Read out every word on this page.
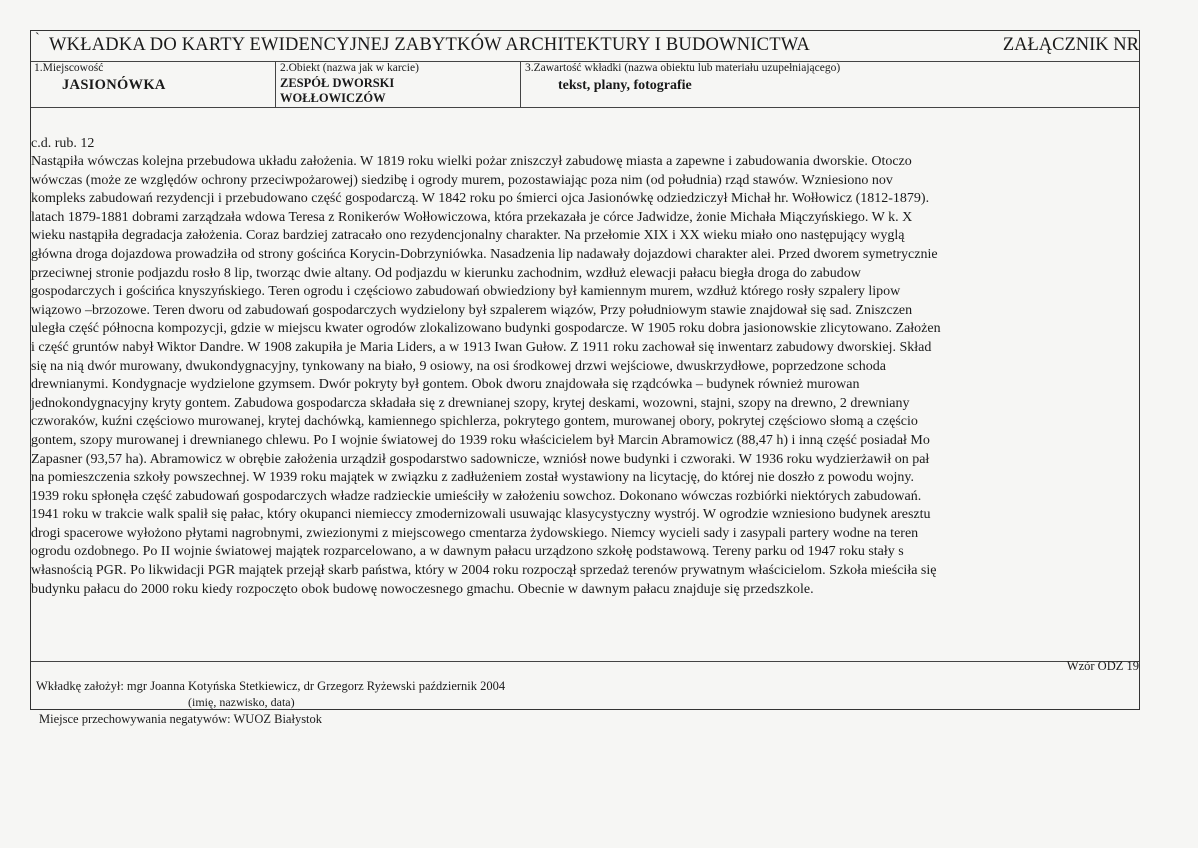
` WKŁADKA DO KARTY EWIDENCYJNEJ ZABYTKÓW ARCHITEKTURY I BUDOWNICTWA	ZAŁĄCZNIK NR
1.Miejscowość
JASIONÓWKA
2.Obiekt (nazwa jak w karcie)
ZESPÓŁ DWORSKI
WOŁŁOWICZÓW
3.Zawartość wkładki (nazwa obiektu lub materiału uzupełniającego)
tekst, plany, fotografie
c.d. rub. 12

Nastąpiła wówczas kolejna przebudowa układu założenia. W 1819 roku wielki pożar zniszczył zabudowę miasta a zapewne i zabudowania dworskie. Otoczo

wówczas (może ze względów ochrony przeciwpożarowej) siedzibę i ogrody murem, pozostawiając poza nim (od południa) rząd stawów. Wzniesiono nov

kompleks zabudowań rezydencji i przebudowano część gospodarczą. W 1842 roku po śmierci ojca Jasionówkę odziedziczył Michał hr. Wołłowicz (1812-1879).

latach 1879-1881 dobrami zarządzała wdowa Teresa z Ronikerów Wołłowiczowa, która przekazała je córce Jadwidze, żonie Michała Miączyńskiego. W k. X

wieku nastąpiła degradacja założenia. Coraz bardziej zatracało ono rezydencjonalny charakter. Na przełomie XIX i XX wieku miało ono następujący wyglą

główna droga dojazdowa prowadziła od strony gościńca Korycin-Dobrzyniówka. Nasadzenia lip nadawały dojazdowi charakter alei. Przed dworem symetrycznie

przeciwnej stronie podjazdu rosło 8 lip, tworząc dwie altany. Od podjazdu w kierunku zachodnim, wzdłuż elewacji pałacu biegła droga do zabudow

gospodarczych i gościńca knyszyńskiego. Teren ogrodu i częściowo zabudowań obwiedziony był kamiennym murem, wzdłuż którego rosły szpalery lipow

wiązowo –brzozowe. Teren dworu od zabudowań gospodarczych wydzielony był szpalerem wiązów, Przy południowym stawie znajdował się sad. Zniszczen

uległa część północna kompozycji, gdzie w miejscu kwater ogrodów zlokalizowano budynki gospodarcze. W 1905 roku dobra jasionowskie zlicytowano. Założen

i część gruntów nabył Wiktor Dandre. W 1908 zakupiła je Maria Liders, a w 1913 Iwan Gułow. Z 1911 roku zachował się inwentarz zabudowy dworskiej. Skład

się na nią dwór murowany, dwukondygnacyjny, tynkowany na biało, 9 osiowy, na osi środkowej drzwi wejściowe, dwuskrzydłowe, poprzedzone schoda

drewnianymi. Kondygnacje wydzielone gzymsem. Dwór pokryty był gontem. Obok dworu znajdowała się rządcówka – budynek również murowan

jednokondygnacyjny kryty gontem. Zabudowa gospodarcza składała się z drewnianej szopy, krytej deskami, wozowni, stajni, szopy na drewno, 2 drewniany

czworaków, kuźni częściowo murowanej, krytej dachówką, kamiennego spichlerza, pokrytego gontem, murowanej obory, pokrytej częściowo słomą a częścio

gontem, szopy murowanej i drewnianego chlewu. Po I wojnie światowej do 1939 roku właścicielem był Marcin Abramowicz (88,47 h) i inną część posiadał Mo

Zapasner (93,57 ha). Abramowicz w obrębie założenia urządził gospodarstwo sadownicze, wzniósł nowe budynki i czworaki. W 1936 roku wydzierżawił on pał

na pomieszczenia szkoły powszechnej. W 1939 roku majątek w związku z zadłużeniem został wystawiony na licytację, do której nie doszło z powodu wojny.

1939 roku spłonęła część zabudowań gospodarczych władze radzieckie umieściły w założeniu sowchoz. Dokonano wówczas rozbiórki niektórych zabudowań.

1941 roku w trakcie walk spalił się pałac, który okupanci niemieccy zmodernizowali usuwając klasycystyczny wystrój. W ogrodzie wzniesiono budynek aresztu

drogi spacerowe wyłożono płytami nagrobnymi, zwiezionymi z miejscowego cmentarza żydowskiego. Niemcy wycieli sady i zasypali partery wodne na teren

ogrodu ozdobnego. Po II wojnie światowej majątek rozparcelowano, a w dawnym pałacu urządzono szkołę podstawową. Tereny parku od 1947 roku stały s

własnością PGR. Po likwidacji PGR majątek przejął skarb państwa, który w 2004 roku rozpoczął sprzedaż terenów prywatnym właścicielom. Szkoła mieściła się

budynku pałacu do 2000 roku kiedy rozpoczęto obok budowę nowoczesnego gmachu. Obecnie w dawnym pałacu znajduje się przedszkole.

Wzór ODZ 19
Wkładkę założył: mgr Joanna Kotyńska Stetkiewicz, dr Grzegorz Ryżewski październik 2004
(imię, nazwisko, data)
Miejsce przechowywania negatywów: WUOZ Białystok
